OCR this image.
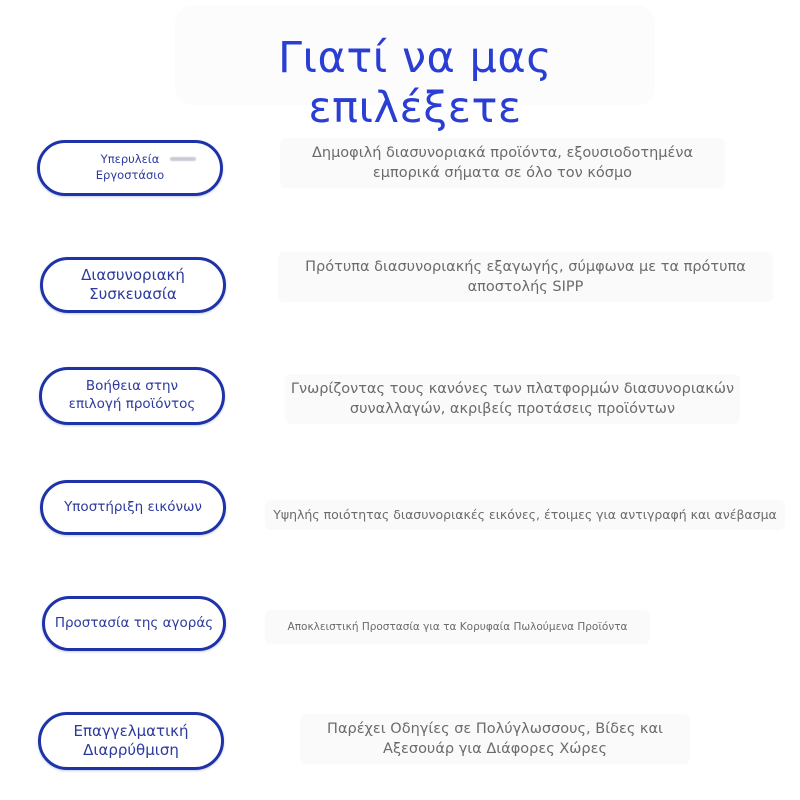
Γιατί να μας επιλέξετε
Υπερυλεία
Εργοστάσιο
Δημοφιλή διασυνοριακά προϊόντα, εξουσιοδοτημένα
εμπορικά σήματα σε όλο τον κόσμο
Διασυνοριακή
Συσκευασία
Πρότυπα διασυνοριακής εξαγωγής, σύμφωνα με τα πρότυπα
αποστολής SIPP
Βοήθεια στην
επιλογή προϊόντος
Γνωρίζοντας τους κανόνες των πλατφορμών διασυνοριακών
συναλλαγών, ακριβείς προτάσεις προϊόντων
Υποστήριξη εικόνων	Υψηλής ποιότητας διασυνοριακές εικόνες, έτοιμες για αντιγραφή και ανέβασμα
Προστασία της αγοράς	Αποκλειστική Προστασία για τα Κορυφαία Πωλούμενα Προϊόντα
Επαγγελματική
Διαρρύθμιση
Παρέχει Οδηγίες σε Πολύγλωσσους, Βίδες και
Αξεσουάρ για Διάφορες Χώρες
